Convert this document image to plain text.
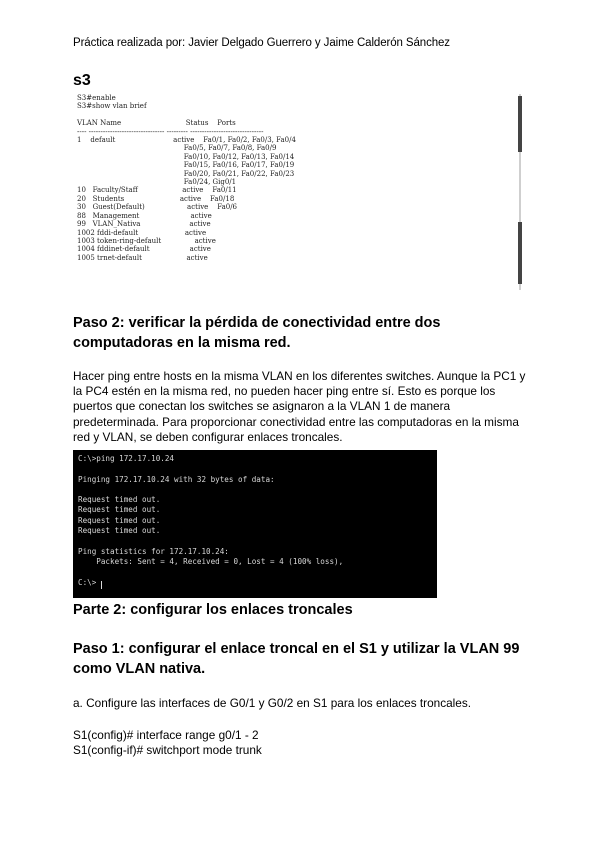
Práctica realizada por: Javier Delgado Guerrero y Jaime Calderón Sánchez
s3
S3#enable
S3#show vlan brief

VLAN Name                             Status    Ports
---- -------------------------------- --------- -------------------------------
1    default                          active    Fa0/1, Fa0/2, Fa0/3, Fa0/4
Fa0/5, Fa0/7, Fa0/8, Fa0/9
Fa0/10, Fa0/12, Fa0/13, Fa0/14
Fa0/15, Fa0/16, Fa0/17, Fa0/19
Fa0/20, Fa0/21, Fa0/22, Fa0/23
Fa0/24, Gig0/1
10   Faculty/Staff                    active    Fa0/11
20   Students                         active    Fa0/18
30   Guest(Default)                   active    Fa0/6
88   Management                       active
99   VLAN_Nativa                      active
1002 fddi-default                     active
1003 token-ring-default               active
1004 fddinet-default                  active
1005 trnet-default                    active
Paso 2: verificar la pérdida de conectividad entre dos computadoras en la misma red.
Hacer ping entre hosts en la misma VLAN en los diferentes switches. Aunque la PC1 y la PC4 estén en la misma red, no pueden hacer ping entre sí. Esto es porque los puertos que conectan los switches se asignaron a la VLAN 1 de manera predeterminada. Para proporcionar conectividad entre las computadoras en la misma red y VLAN, se deben configurar enlaces troncales.
C:\>ping 172.17.10.24

Pinging 172.17.10.24 with 32 bytes of data:

Request timed out.
Request timed out.
Request timed out.
Request timed out.

Ping statistics for 172.17.10.24:
Packets: Sent = 4, Received = 0, Lost = 4 (100% loss),

C:\>
Parte 2: configurar los enlaces troncales
Paso 1: configurar el enlace troncal en el S1 y utilizar la VLAN 99 como VLAN nativa.
a. Configure las interfaces de G0/1 y G0/2 en S1 para los enlaces troncales.
S1(config)# interface range g0/1 - 2
S1(config-if)# switchport mode trunk
